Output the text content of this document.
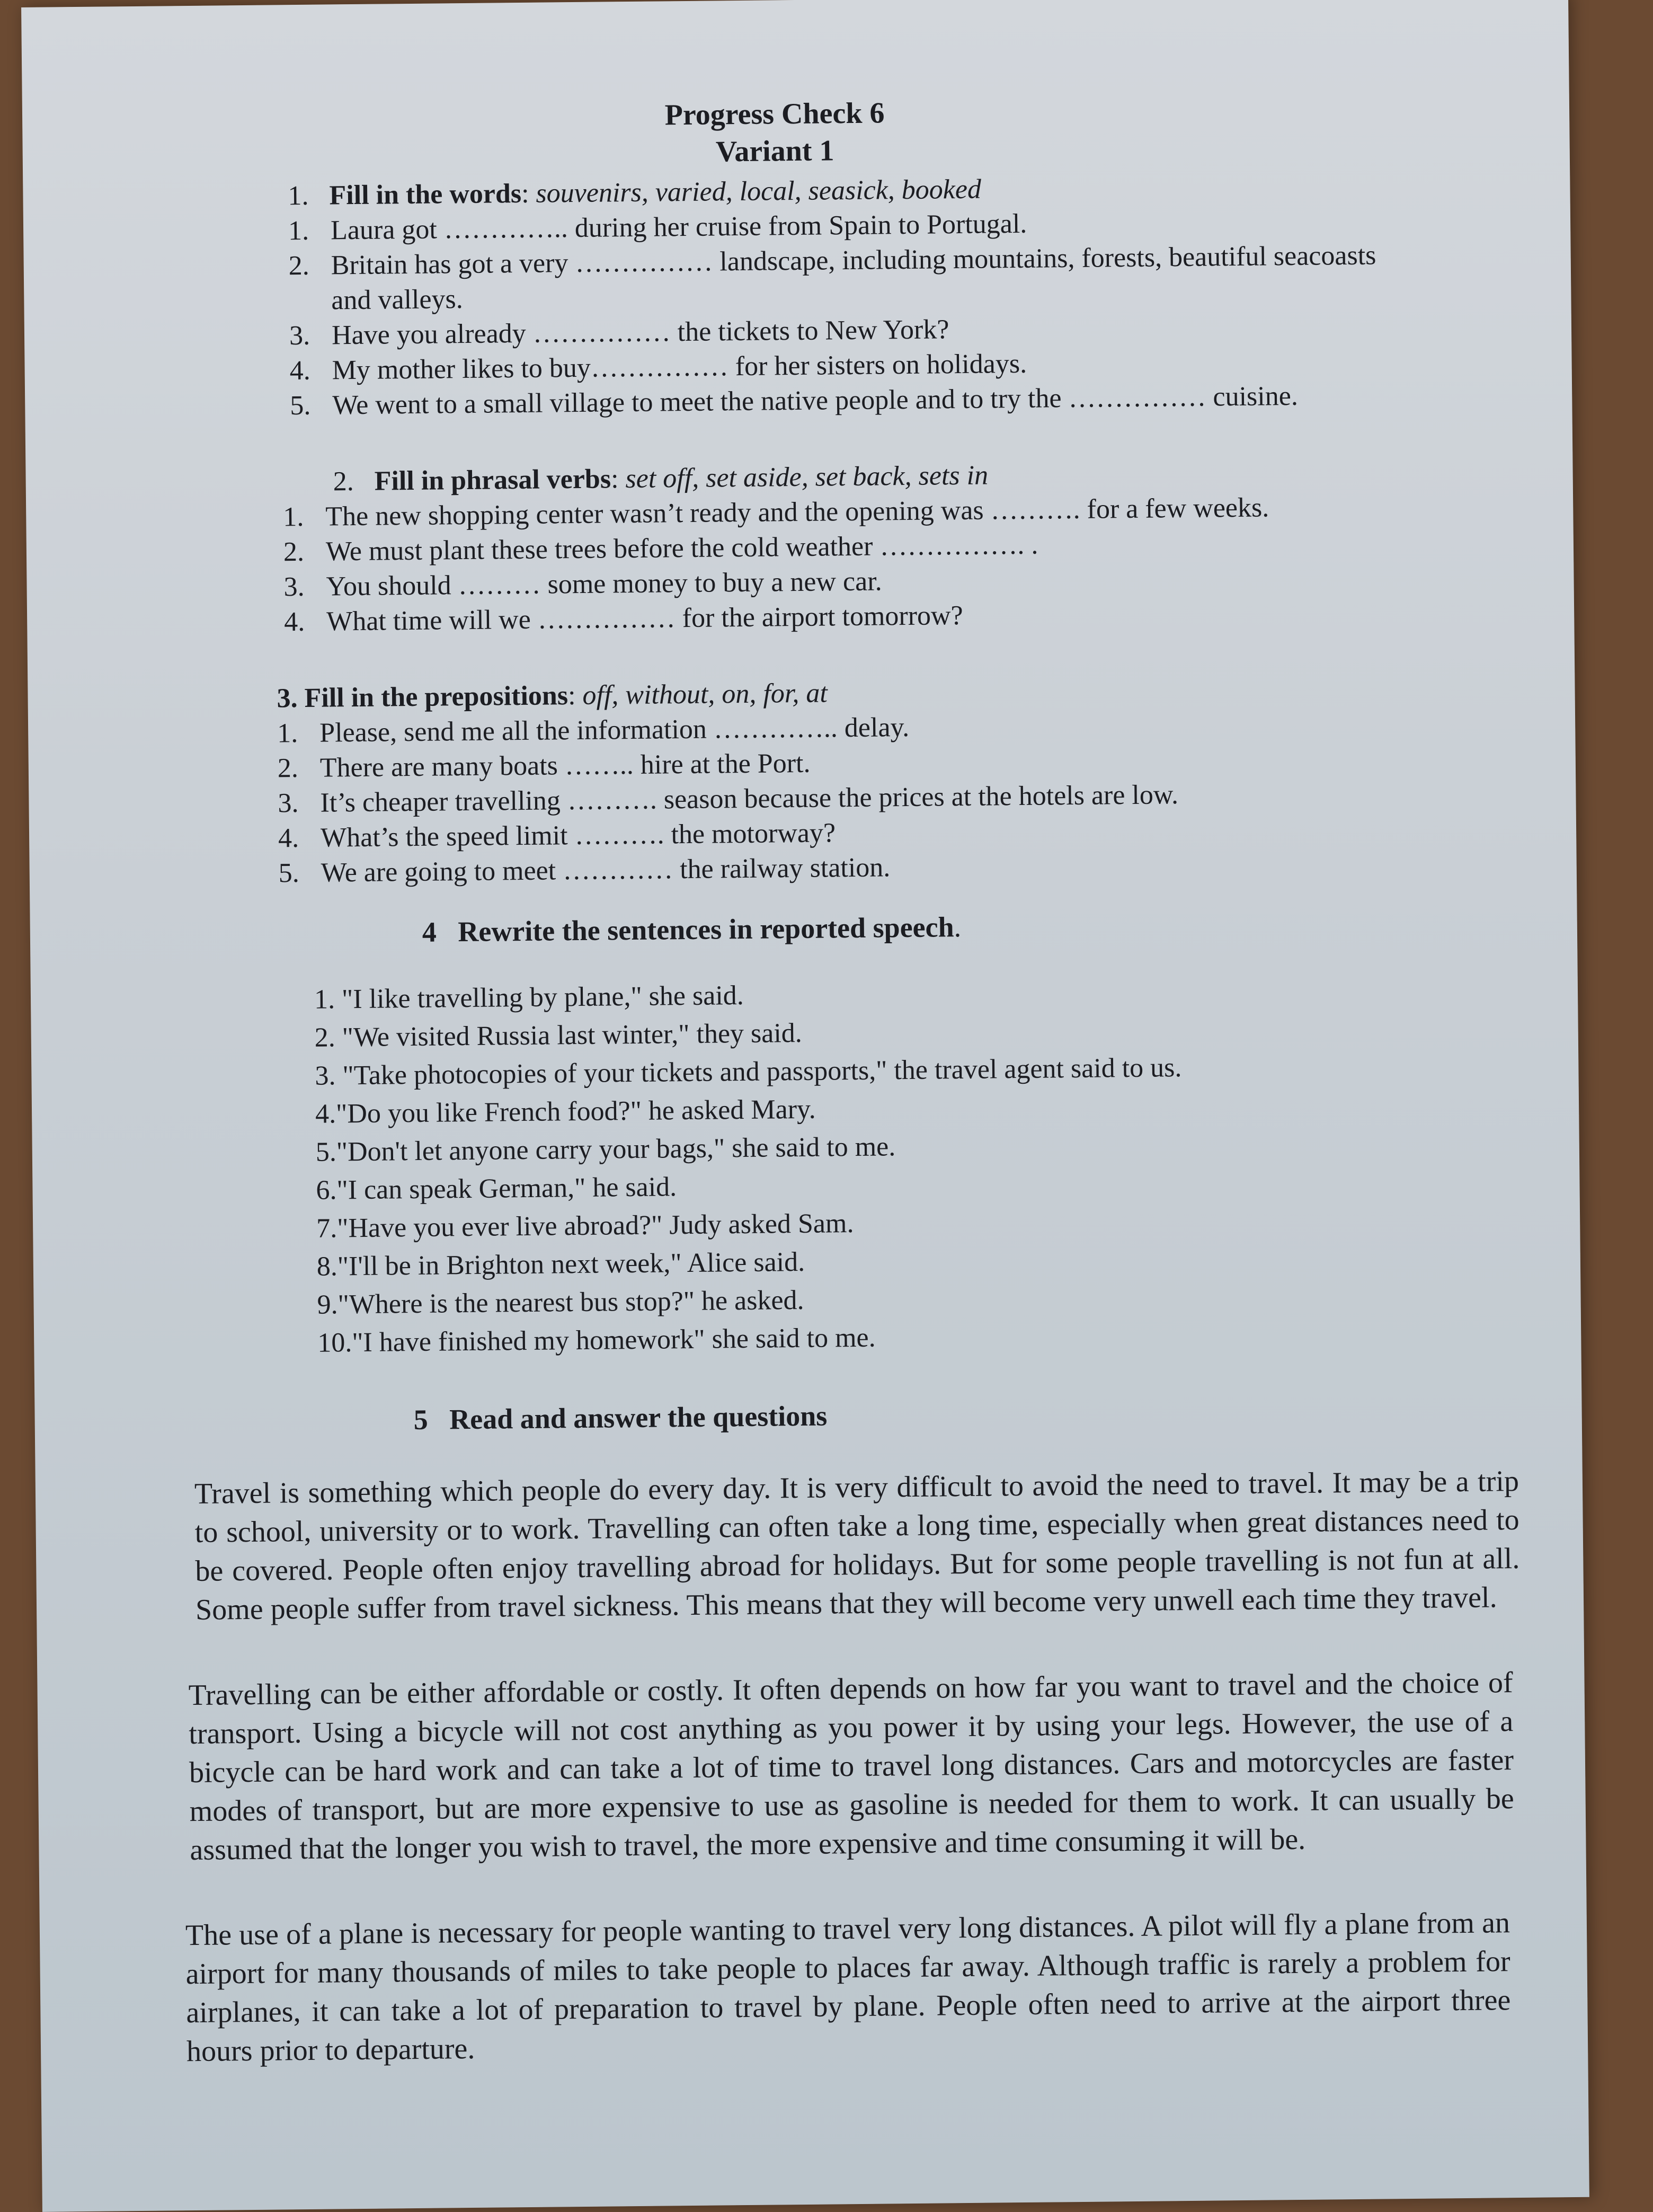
Progress Check 6
Variant 1
1. Fill in the words: souvenirs, varied, local, seasick, booked
1. Laura got ………….. during her cruise from Spain to Portugal.
2. Britain has got a very …………… landscape, including mountains, forests, beautiful seacoasts
and valleys.
3. Have you already …………… the tickets to New York?
4. My mother likes to buy…………… for her sisters on holidays.
5. We went to a small village to meet the native people and to try the …………… cuisine.
2. Fill in phrasal verbs: set off, set aside, set back, sets in
1. The new shopping center wasn’t ready and the opening was ………. for a few weeks.
2. We must plant these trees before the cold weather ……………. .
3. You should ……… some money to buy a new car.
4. What time will we …………… for the airport tomorrow?
3. Fill in the prepositions: off, without, on, for, at
1. Please, send me all the information ………….. delay.
2. There are many boats …….. hire at the Port.
3. It’s cheaper travelling ………. season because the prices at the hotels are low.
4. What’s the speed limit ………. the motorway?
5. We are going to meet ………… the railway station.
4 Rewrite the sentences in reported speech.
1. "I like travelling by plane," she said.
2. "We visited Russia last winter," they said.
3. "Take photocopies of your tickets and passports," the travel agent said to us.
4."Do you like French food?" he asked Mary.
5."Don't let anyone carry your bags," she said to me.
6."I can speak German," he said.
7."Have you ever live abroad?" Judy asked Sam.
8."I'll be in Brighton next week," Alice said.
9."Where is the nearest bus stop?" he asked.
10."I have finished my homework" she said to me.
5 Read and answer the questions
Travel is something which people do every day. It is very difficult to avoid the need to travel. It may be a trip to school, university or to work. Travelling can often take a long time, especially when great distances need to be covered. People often enjoy travelling abroad for holidays. But for some people travelling is not fun at all. Some people suffer from travel sickness. This means that they will become very unwell each time they travel.
Travelling can be either affordable or costly. It often depends on how far you want to travel and the choice of transport. Using a bicycle will not cost anything as you power it by using your legs. However, the use of a bicycle can be hard work and can take a lot of time to travel long distances. Cars and motorcycles are faster modes of transport, but are more expensive to use as gasoline is needed for them to work. It can usually be assumed that the longer you wish to travel, the more expensive and time consuming it will be.
The use of a plane is necessary for people wanting to travel very long distances. A pilot will fly a plane from an airport for many thousands of miles to take people to places far away. Although traffic is rarely a problem for airplanes, it can take a lot of preparation to travel by plane. People often need to arrive at the airport three hours prior to departure.
